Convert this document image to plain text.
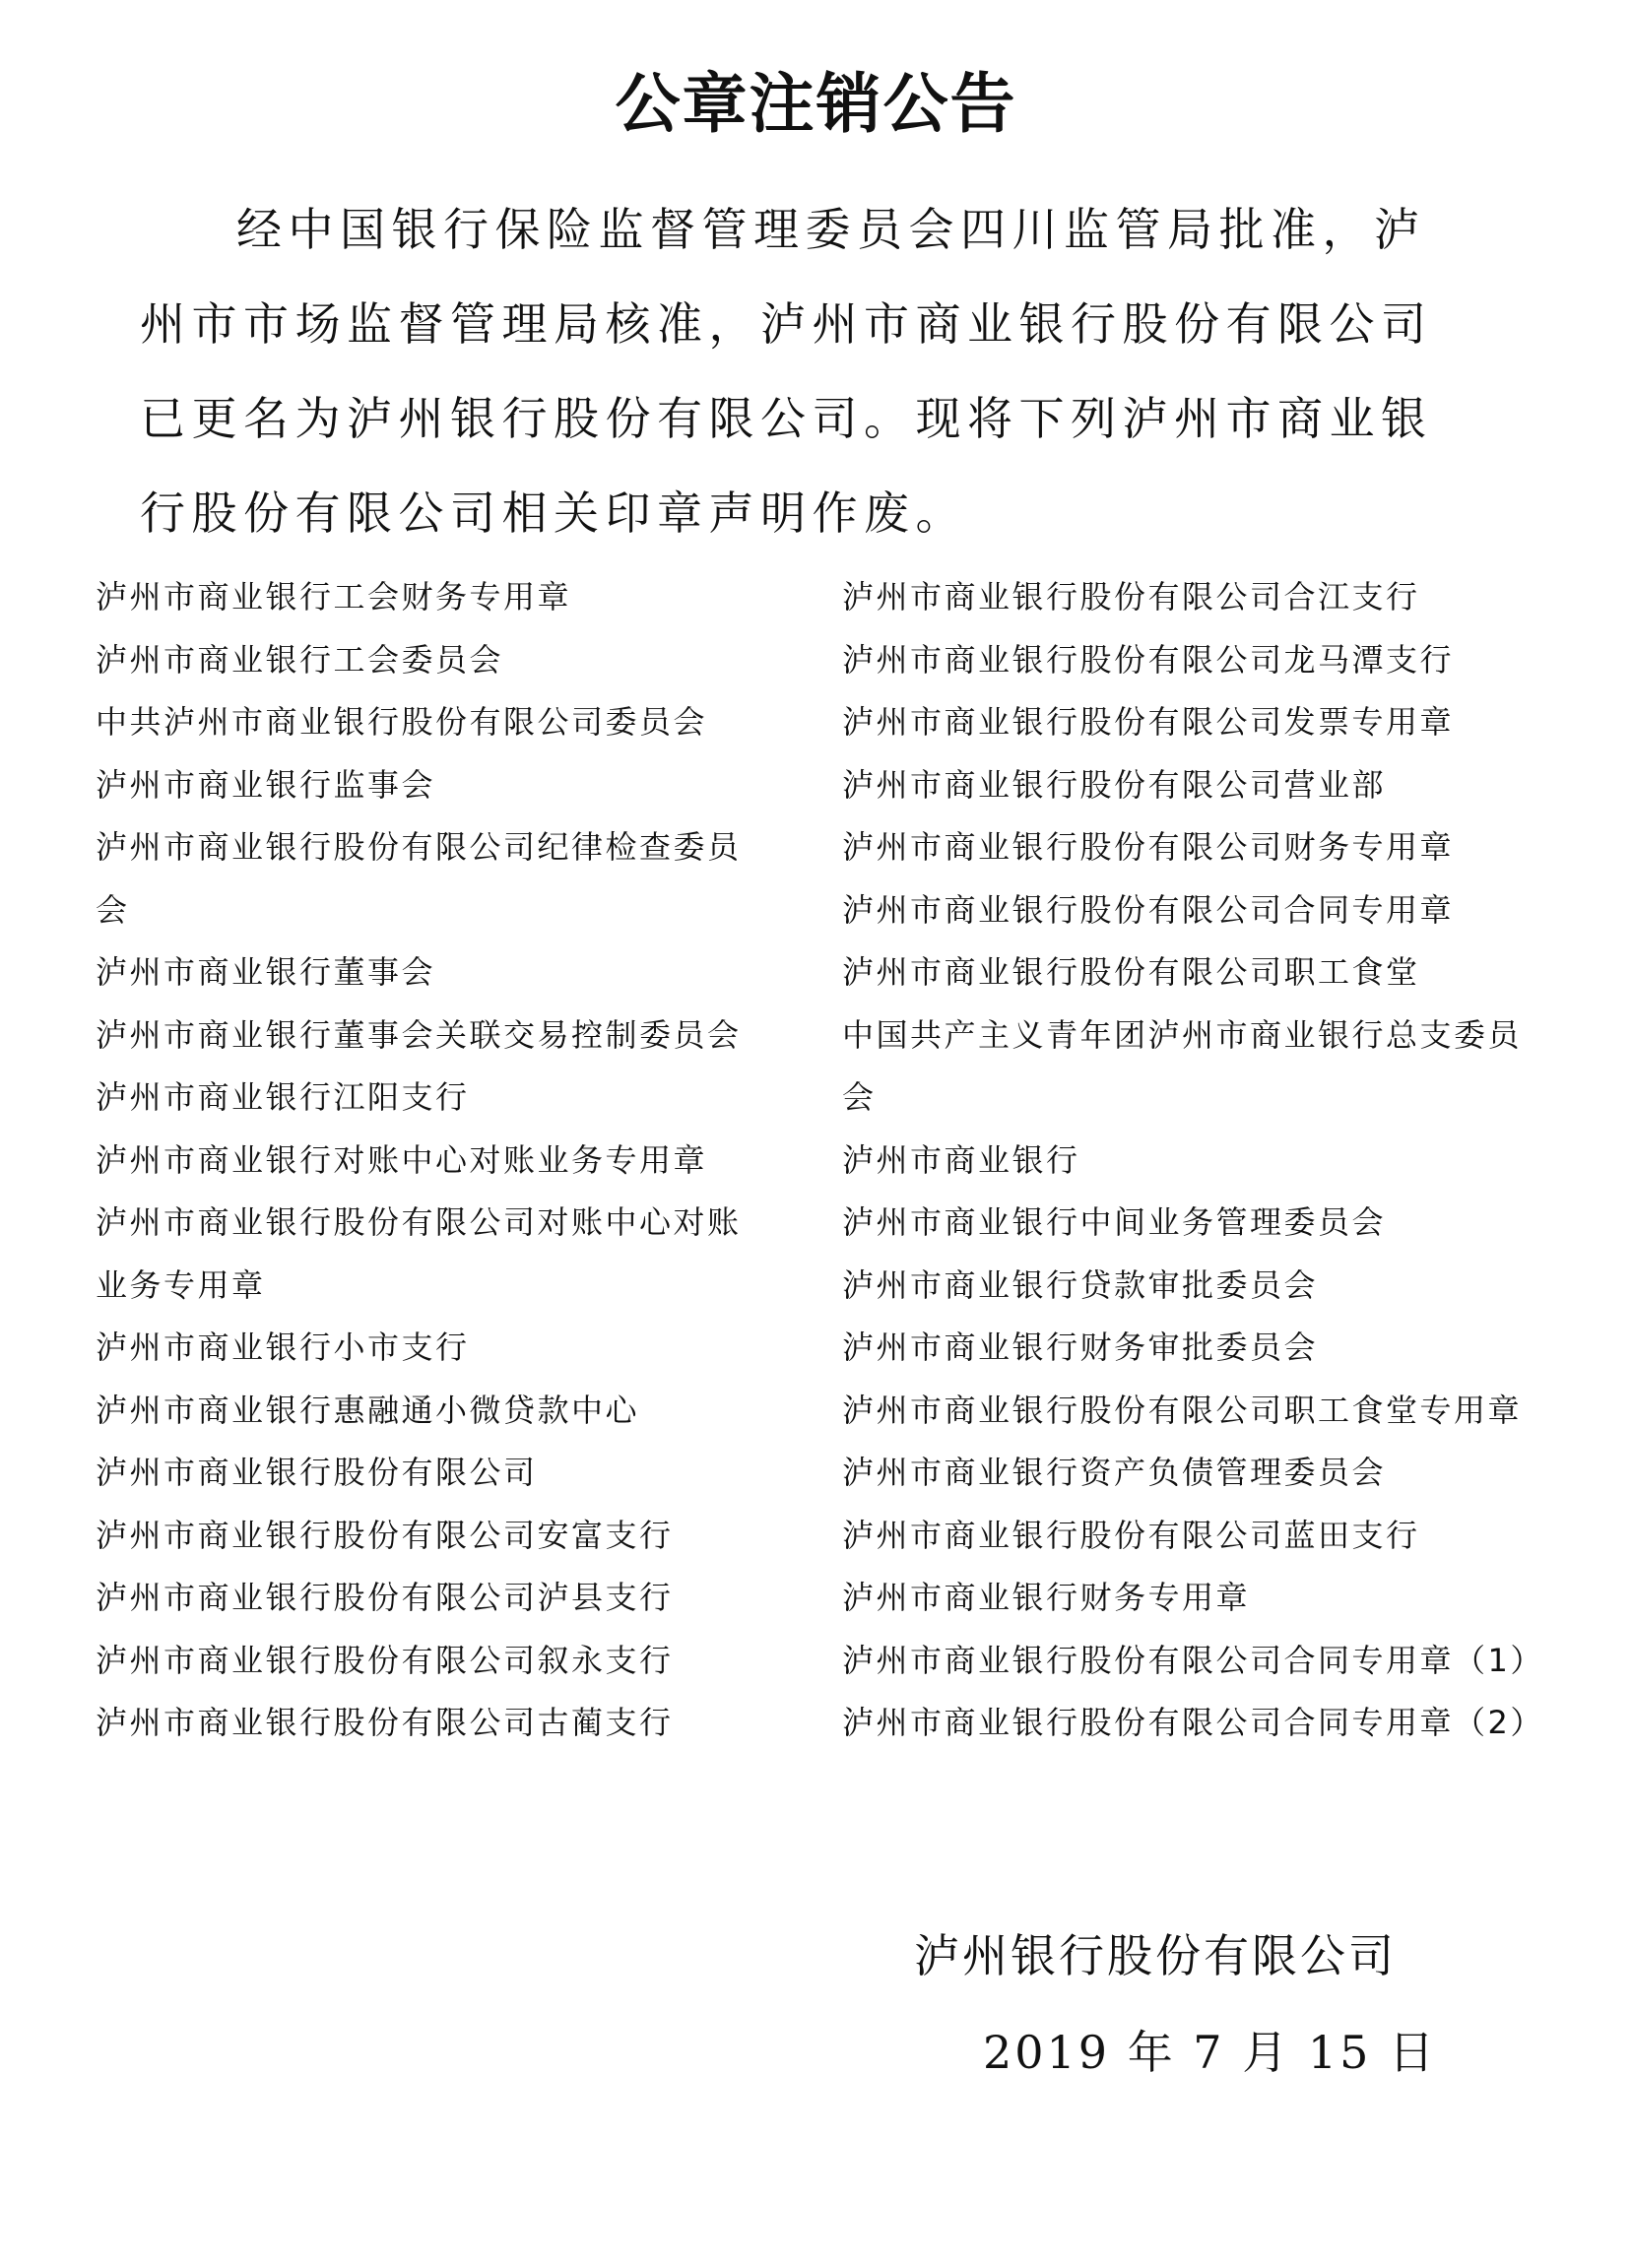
公章注销公告

经中国银行保险监督管理委员会四川监管局批准，泸州市市场监督管理局核准，泸州市商业银行股份有限公司已更名为泸州银行股份有限公司。现将下列泸州市商业银行股份有限公司相关印章声明作废。

泸州市商业银行工会财务专用章
泸州市商业银行工会委员会
中共泸州市商业银行股份有限公司委员会
泸州市商业银行监事会
泸州市商业银行股份有限公司纪律检查委员会
泸州市商业银行董事会
泸州市商业银行董事会关联交易控制委员会
泸州市商业银行江阳支行
泸州市商业银行对账中心对账业务专用章
泸州市商业银行股份有限公司对账中心对账业务专用章
泸州市商业银行小市支行
泸州市商业银行惠融通小微贷款中心
泸州市商业银行股份有限公司
泸州市商业银行股份有限公司安富支行
泸州市商业银行股份有限公司泸县支行
泸州市商业银行股份有限公司叙永支行
泸州市商业银行股份有限公司古蔺支行
泸州市商业银行股份有限公司合江支行
泸州市商业银行股份有限公司龙马潭支行
泸州市商业银行股份有限公司发票专用章
泸州市商业银行股份有限公司营业部
泸州市商业银行股份有限公司财务专用章
泸州市商业银行股份有限公司合同专用章
泸州市商业银行股份有限公司职工食堂
中国共产主义青年团泸州市商业银行总支委员会
泸州市商业银行
泸州市商业银行中间业务管理委员会
泸州市商业银行贷款审批委员会
泸州市商业银行财务审批委员会
泸州市商业银行股份有限公司职工食堂专用章
泸州市商业银行资产负债管理委员会
泸州市商业银行股份有限公司蓝田支行
泸州市商业银行财务专用章
泸州市商业银行股份有限公司合同专用章（1）
泸州市商业银行股份有限公司合同专用章（2）
泸州银行股份有限公司
2019 年 7 月 15 日
